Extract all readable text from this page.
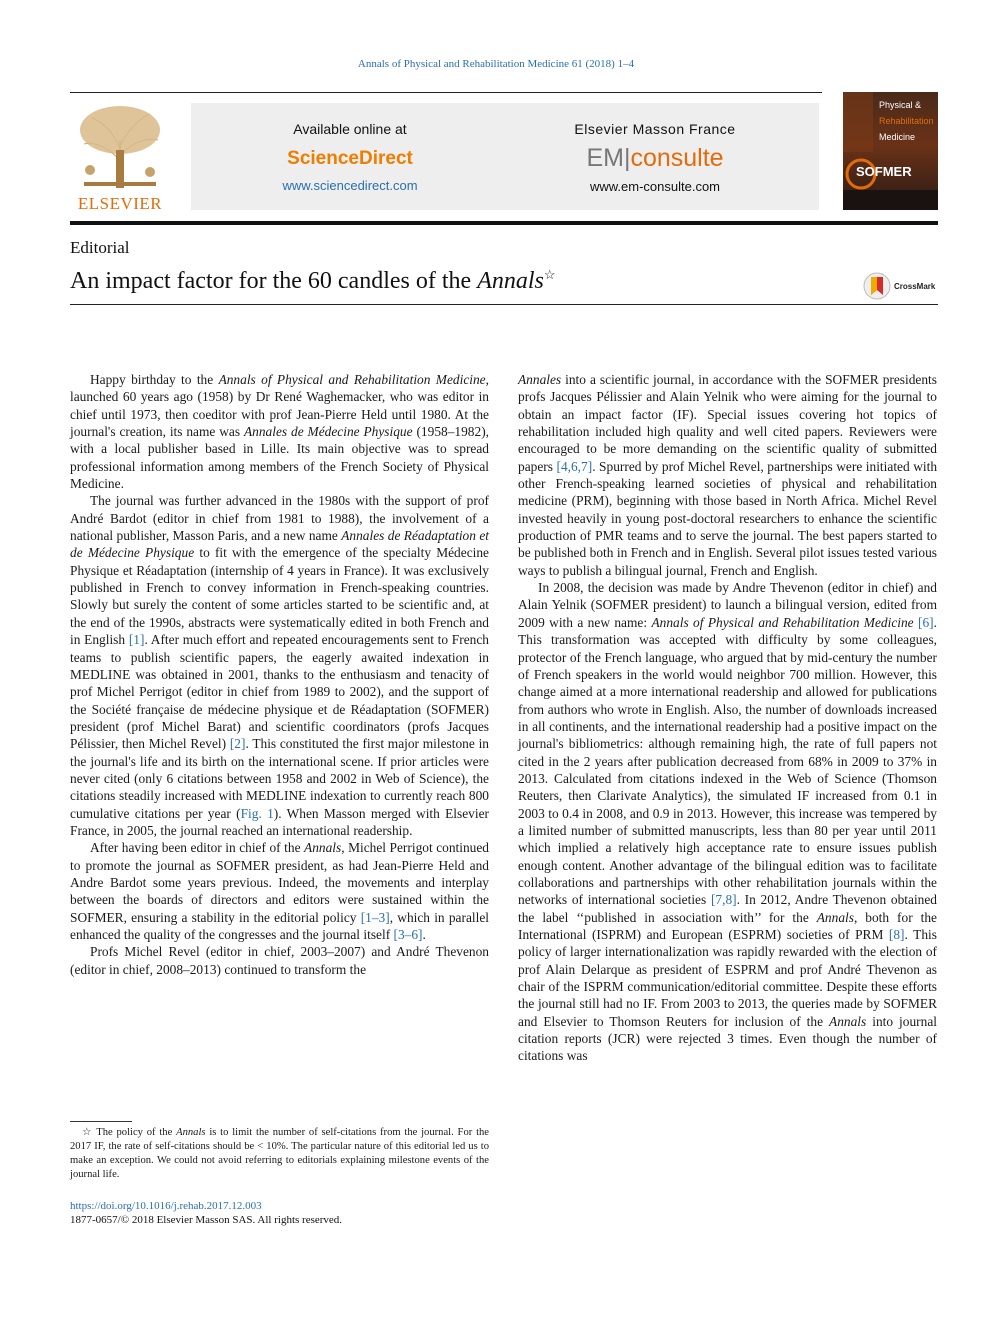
Annals of Physical and Rehabilitation Medicine 61 (2018) 1–4
ELSEVIER
Available online at
ScienceDirect
www.sciencedirect.com
Elsevier Masson France
EM|consulte
www.em-consulte.com
Physical &
Rehabilitation
Medicine
SOFMER
Editorial
An impact factor for the 60 candles of the Annals☆
CrossMark

Happy birthday to the Annals of Physical and Rehabilitation Medicine, launched 60 years ago (1958) by Dr René Waghemacker, who was editor in chief until 1973, then coeditor with prof Jean-Pierre Held until 1980. At the journal's creation, its name was Annales de Médecine Physique (1958–1982), with a local publisher based in Lille. Its main objective was to spread professional information among members of the French Society of Physical Medicine.

The journal was further advanced in the 1980s with the support of prof André Bardot (editor in chief from 1981 to 1988), the involvement of a national publisher, Masson Paris, and a new name Annales de Réadaptation et de Médecine Physique to fit with the emergence of the specialty Médecine Physique et Réadaptation (internship of 4 years in France). It was exclusively published in French to convey information in French-speaking countries. Slowly but surely the content of some articles started to be scientific and, at the end of the 1990s, abstracts were systematically edited in both French and in English [1]. After much effort and repeated encouragements sent to French teams to publish scientific papers, the eagerly awaited indexation in MEDLINE was obtained in 2001, thanks to the enthusiasm and tenacity of prof Michel Perrigot (editor in chief from 1989 to 2002), and the support of the Société française de médecine physique et de Réadaptation (SOFMER) president (prof Michel Barat) and scientific coordinators (profs Jacques Pélissier, then Michel Revel) [2]. This constituted the first major milestone in the journal's life and its birth on the international scene. If prior articles were never cited (only 6 citations between 1958 and 2002 in Web of Science), the citations steadily increased with MEDLINE indexation to currently reach 800 cumulative citations per year (Fig. 1). When Masson merged with Elsevier France, in 2005, the journal reached an international readership.

After having been editor in chief of the Annals, Michel Perrigot continued to promote the journal as SOFMER president, as had Jean-Pierre Held and Andre Bardot some years previous. Indeed, the movements and interplay between the boards of directors and editors were sustained within the SOFMER, ensuring a stability in the editorial policy [1–3], which in parallel enhanced the quality of the congresses and the journal itself [3–6].

Profs Michel Revel (editor in chief, 2003–2007) and André Thevenon (editor in chief, 2008–2013) continued to transform the

Annales into a scientific journal, in accordance with the SOFMER presidents profs Jacques Pélissier and Alain Yelnik who were aiming for the journal to obtain an impact factor (IF). Special issues covering hot topics of rehabilitation included high quality and well cited papers. Reviewers were encouraged to be more demanding on the scientific quality of submitted papers [4,6,7]. Spurred by prof Michel Revel, partnerships were initiated with other French-speaking learned societies of physical and rehabilitation medicine (PRM), beginning with those based in North Africa. Michel Revel invested heavily in young post-doctoral researchers to enhance the scientific production of PMR teams and to serve the journal. The best papers started to be published both in French and in English. Several pilot issues tested various ways to publish a bilingual journal, French and English.

In 2008, the decision was made by Andre Thevenon (editor in chief) and Alain Yelnik (SOFMER president) to launch a bilingual version, edited from 2009 with a new name: Annals of Physical and Rehabilitation Medicine [6]. This transformation was accepted with difficulty by some colleagues, protector of the French language, who argued that by mid-century the number of French speakers in the world would neighbor 700 million. However, this change aimed at a more international readership and allowed for publications from authors who wrote in English. Also, the number of downloads increased in all continents, and the international readership had a positive impact on the journal's bibliometrics: although remaining high, the rate of full papers not cited in the 2 years after publication decreased from 68% in 2009 to 37% in 2013. Calculated from citations indexed in the Web of Science (Thomson Reuters, then Clarivate Analytics), the simulated IF increased from 0.1 in 2003 to 0.4 in 2008, and 0.9 in 2013. However, this increase was tempered by a limited number of submitted manuscripts, less than 80 per year until 2011 which implied a relatively high acceptance rate to ensure issues publish enough content. Another advantage of the bilingual edition was to facilitate collaborations and partnerships with other rehabilitation journals within the networks of international societies [7,8]. In 2012, Andre Thevenon obtained the label ‘‘published in association with’’ for the Annals, both for the International (ISPRM) and European (ESPRM) societies of PRM [8]. This policy of larger internationalization was rapidly rewarded with the election of prof Alain Delarque as president of ESPRM and prof André Thevenon as chair of the ISPRM communication/editorial committee. Despite these efforts the journal still had no IF. From 2003 to 2013, the queries made by SOFMER and Elsevier to Thomson Reuters for inclusion of the Annals into journal citation reports (JCR) were rejected 3 times. Even though the number of citations was

☆ The policy of the Annals is to limit the number of self-citations from the journal. For the 2017 IF, the rate of self-citations should be < 10%. The particular nature of this editorial led us to make an exception. We could not avoid referring to editorials explaining milestone events of the journal life.
https://doi.org/10.1016/j.rehab.2017.12.003
1877-0657/© 2018 Elsevier Masson SAS. All rights reserved.
